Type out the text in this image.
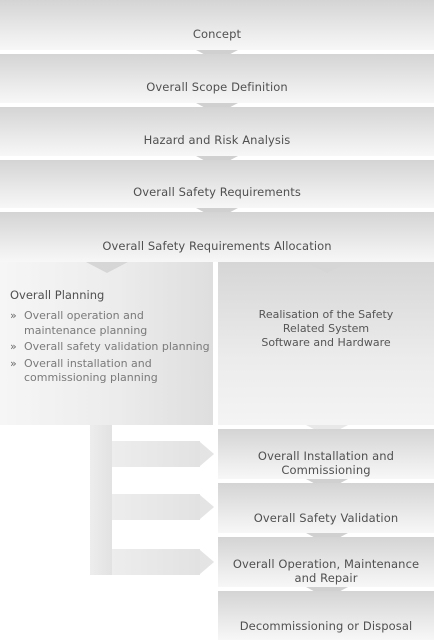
Concept
Overall Scope Definition
Hazard and Risk Analysis
Overall Safety Requirements
Overall Safety Requirements Allocation
Overall Planning
» Overall operation and maintenance planning
» Overall safety validation planning
» Overall installation and commissioning planning
Realisation of the Safety
Related System
Software and Hardware
Overall Installation and
Commissioning
Overall Safety Validation
Overall Operation, Maintenance
and Repair
Decommissioning or Disposal
